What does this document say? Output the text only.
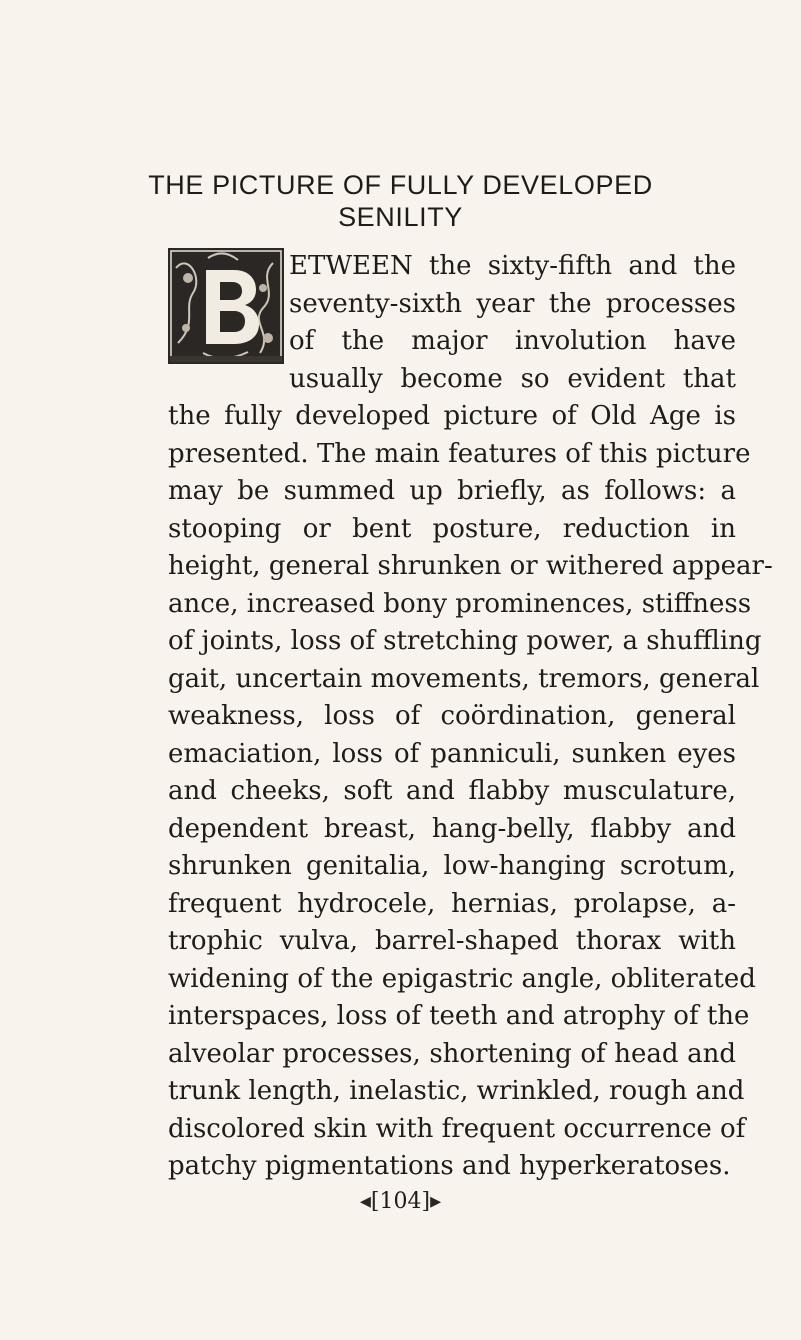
THE PICTURE OF FULLY DEVELOPED
SENILITY
ETWEEN the sixty-fifth and the
seventy-sixth year the processes
of the major involution have
usually become so evident that
the fully developed picture of Old Age is
presented. The main features of this picture
may be summed up briefly, as follows: a
stooping or bent posture, reduction in
height, general shrunken or withered appear-
ance, increased bony prominences, stiffness
of joints, loss of stretching power, a shuffling
gait, uncertain movements, tremors, general
weakness, loss of coördination, general
emaciation, loss of panniculi, sunken eyes
and cheeks, soft and flabby musculature,
dependent breast, hang-belly, flabby and
shrunken genitalia, low-hanging scrotum,
frequent hydrocele, hernias, prolapse, a-
trophic vulva, barrel-shaped thorax with
widening of the epigastric angle, obliterated
interspaces, loss of teeth and atrophy of the
alveolar processes, shortening of head and
trunk length, inelastic, wrinkled, rough and
discolored skin with frequent occurrence of
◂[104]▸
patchy pigmentations and hyperkeratoses.
